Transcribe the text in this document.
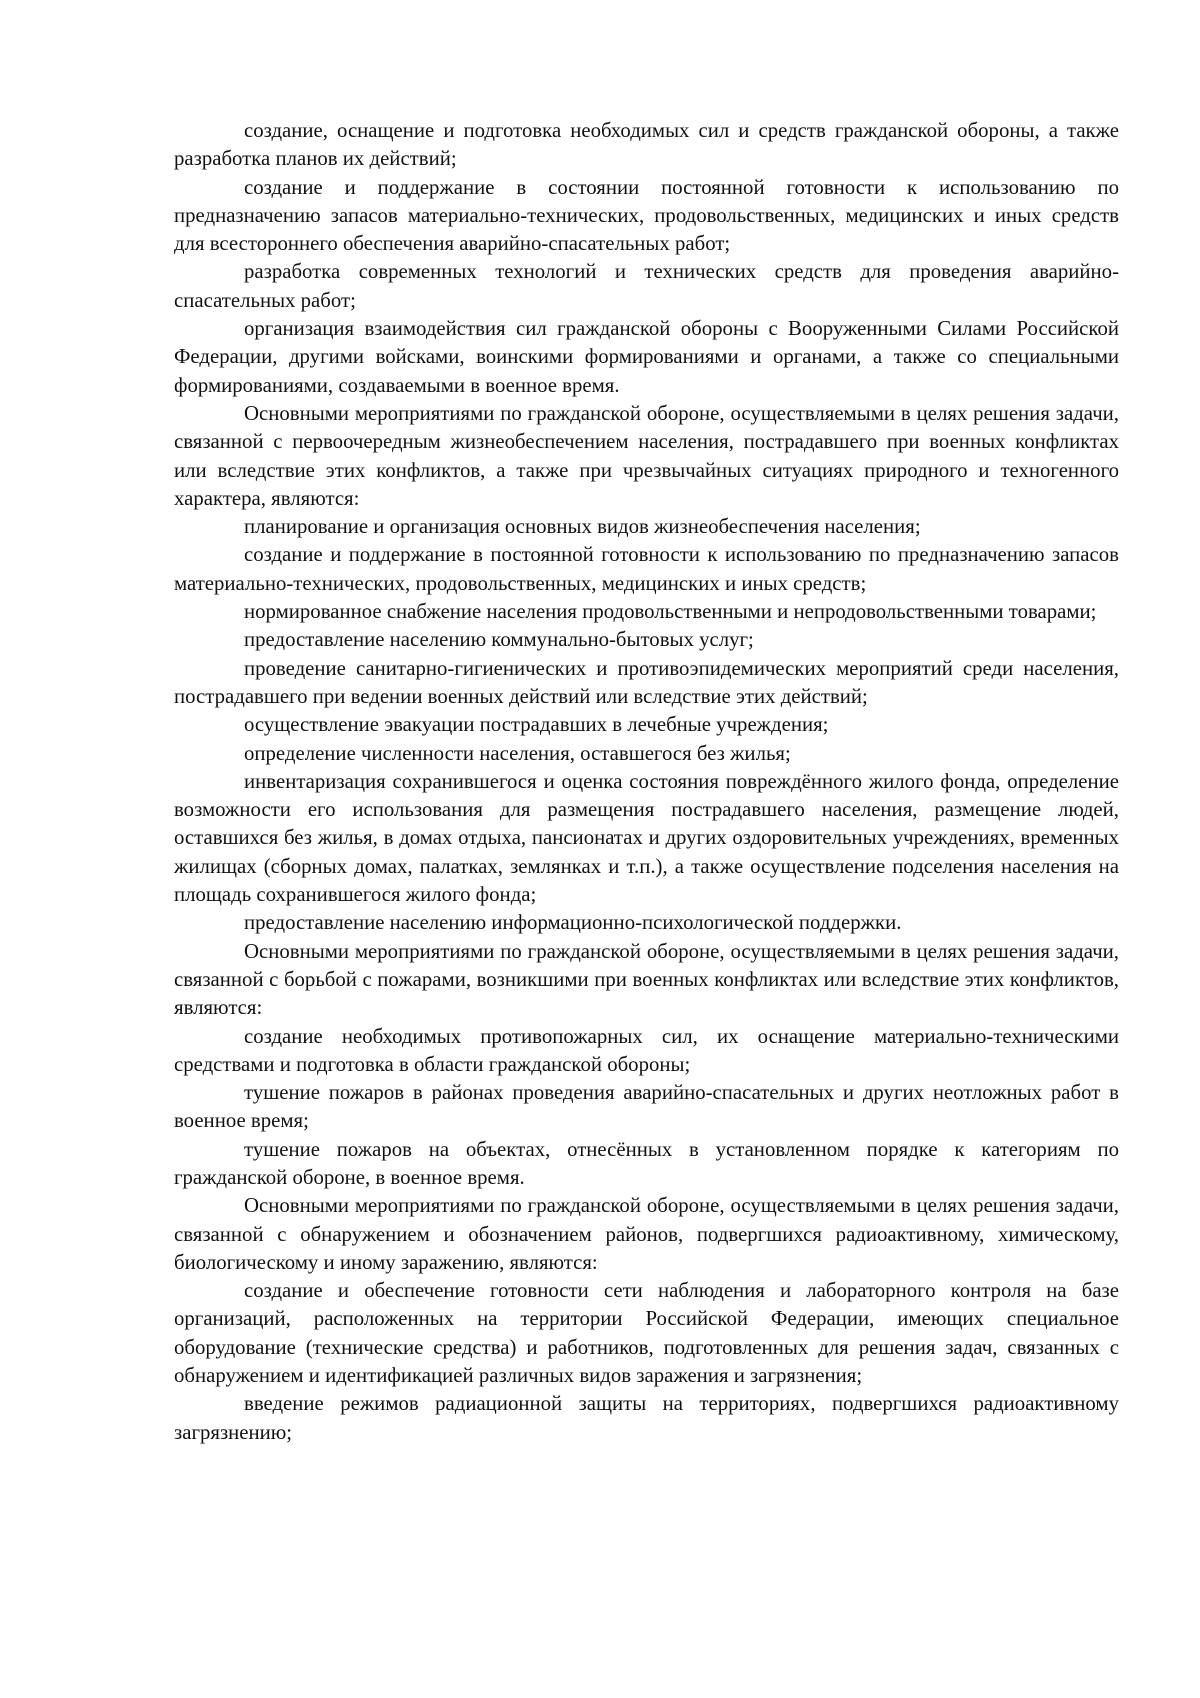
создание, оснащение и подготовка необходимых сил и средств гражданской обороны, а также разработка планов их действий;

создание и поддержание в состоянии постоянной готовности к использованию по предназначению запасов материально-технических, продовольственных, медицинских и иных средств для всестороннего обеспечения аварийно-спасательных работ;

разработка современных технологий и технических средств для проведения аварийно-спасательных работ;

организация взаимодействия сил гражданской обороны с Вооруженными Силами Российской Федерации, другими войсками, воинскими формированиями и органами, а также со специальными формированиями, создаваемыми в военное время.

Основными мероприятиями по гражданской обороне, осуществляемыми в целях решения задачи, связанной с первоочередным жизнеобеспечением населения, пострадавшего при военных конфликтах или вследствие этих конфликтов, а также при чрезвычайных ситуациях природного и техногенного характера, являются:

планирование и организация основных видов жизнеобеспечения населения;

создание и поддержание в постоянной готовности к использованию по предназначению запасов материально-технических, продовольственных, медицинских и иных средств;

нормированное снабжение населения продовольственными и непродовольственными товарами;

предоставление населению коммунально-бытовых услуг;

проведение санитарно-гигиенических и противоэпидемических мероприятий среди населения, пострадавшего при ведении военных действий или вследствие этих действий;

осуществление эвакуации пострадавших в лечебные учреждения;

определение численности населения, оставшегося без жилья;

инвентаризация сохранившегося и оценка состояния повреждённого жилого фонда, определение возможности его использования для размещения пострадавшего населения, размещение людей, оставшихся без жилья, в домах отдыха, пансионатах и других оздоровительных учреждениях, временных жилищах (сборных домах, палатках, землянках и т.п.), а также осуществление подселения населения на площадь сохранившегося жилого фонда;

предоставление населению информационно-психологической поддержки.

Основными мероприятиями по гражданской обороне, осуществляемыми в целях решения задачи, связанной с борьбой с пожарами, возникшими при военных конфликтах или вследствие этих конфликтов, являются:

создание необходимых противопожарных сил, их оснащение материально-техническими средствами и подготовка в области гражданской обороны;

тушение пожаров в районах проведения аварийно-спасательных и других неотложных работ в военное время;

тушение пожаров на объектах, отнесённых в установленном порядке к категориям по гражданской обороне, в военное время.

Основными мероприятиями по гражданской обороне, осуществляемыми в целях решения задачи, связанной с обнаружением и обозначением районов, подвергшихся радиоактивному, химическому, биологическому и иному заражению, являются:

создание и обеспечение готовности сети наблюдения и лабораторного контроля на базе организаций, расположенных на территории Российской Федерации, имеющих специальное оборудование (технические средства) и работников, подготовленных для решения задач, связанных с обнаружением и идентификацией различных видов заражения и загрязнения;

введение режимов радиационной защиты на территориях, подвергшихся радиоактивному загрязнению;
